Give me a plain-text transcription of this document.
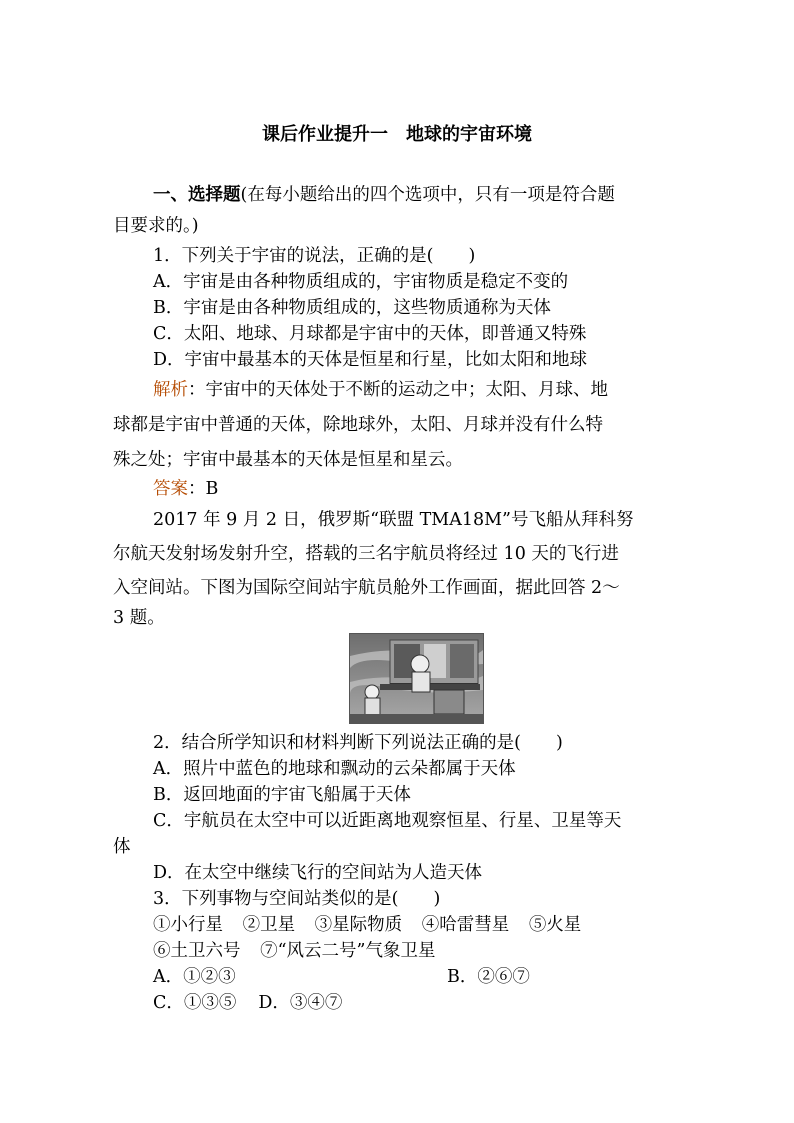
课后作业提升一　地球的宇宙环境
一、选择题(在每小题给出的四个选项中，只有一项是符合题
目要求的。)
1．下列关于宇宙的说法，正确的是(　　)
A．宇宙是由各种物质组成的，宇宙物质是稳定不变的
B．宇宙是由各种物质组成的，这些物质通称为天体
C．太阳、地球、月球都是宇宙中的天体，即普通又特殊
D．宇宙中最基本的天体是恒星和行星，比如太阳和地球
解析：宇宙中的天体处于不断的运动之中；太阳、月球、地
球都是宇宙中普通的天体，除地球外，太阳、月球并没有什么特
殊之处；宇宙中最基本的天体是恒星和星云。
答案：B
2017 年 9 月 2 日，俄罗斯“联盟 TMA18M”号飞船从拜科努
尔航天发射场发射升空，搭载的三名宇航员将经过 10 天的飞行进
入空间站。下图为国际空间站宇航员舱外工作画面，据此回答 2～
3 题。
2．结合所学知识和材料判断下列说法正确的是(　　)
A．照片中蓝色的地球和飘动的云朵都属于天体
B．返回地面的宇宙飞船属于天体
C．宇航员在太空中可以近距离地观察恒星、行星、卫星等天
体
D．在太空中继续飞行的空间站为人造天体
3．下列事物与空间站类似的是(　　)
①小行星 ②卫星 ③星际物质 ④哈雷彗星 ⑤火星
⑥土卫六号 ⑦“风云二号”气象卫星
A．①②③	B．②⑥⑦
C．①③⑤ D．③④⑦
